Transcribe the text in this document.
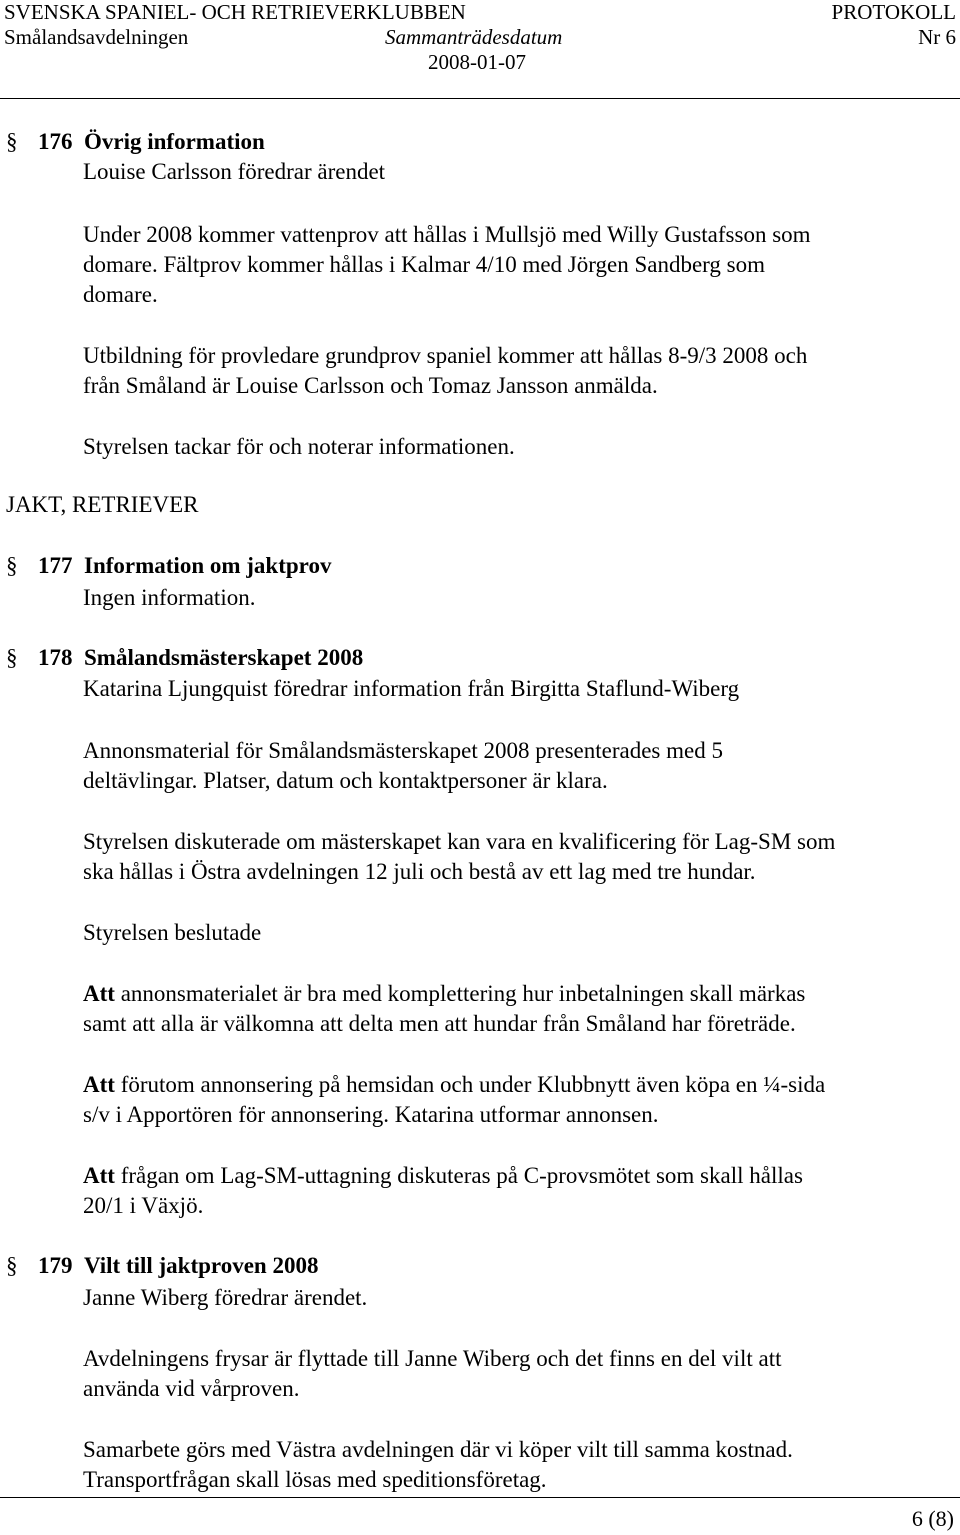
SVENSKA SPANIEL- OCH RETRIEVERKLUBBEN	PROTOKOLL
Smålandsavdelningen	Sammanträdesdatum	Nr 6
2008-01-07
§ 176 Övrig information
Louise Carlsson föredrar ärendet
Under 2008 kommer vattenprov att hållas i Mullsjö med Willy Gustafsson som
domare. Fältprov kommer hållas i Kalmar 4/10 med Jörgen Sandberg som
domare.
Utbildning för provledare grundprov spaniel kommer att hållas 8-9/3 2008 och
från Småland är Louise Carlsson och Tomaz Jansson anmälda.
Styrelsen tackar för och noterar informationen.
JAKT, RETRIEVER
§ 177 Information om jaktprov
Ingen information.
§ 178 Smålandsmästerskapet 2008
Katarina Ljungquist föredrar information från Birgitta Staflund-Wiberg
Annonsmaterial för Smålandsmästerskapet 2008 presenterades med 5
deltävlingar. Platser, datum och kontaktpersoner är klara.
Styrelsen diskuterade om mästerskapet kan vara en kvalificering för Lag-SM som
ska hållas i Östra avdelningen 12 juli och bestå av ett lag med tre hundar.
Styrelsen beslutade
Att annonsmaterialet är bra med komplettering hur inbetalningen skall märkas
samt att alla är välkomna att delta men att hundar från Småland har företräde.
Att förutom annonsering på hemsidan och under Klubbnytt även köpa en ¼-sida
s/v i Apportören för annonsering. Katarina utformar annonsen.
Att frågan om Lag-SM-uttagning diskuteras på C-provsmötet som skall hållas
20/1 i Växjö.
§ 179 Vilt till jaktproven 2008
Janne Wiberg föredrar ärendet.
Avdelningens frysar är flyttade till Janne Wiberg och det finns en del vilt att
använda vid vårproven.
Samarbete görs med Västra avdelningen där vi köper vilt till samma kostnad.
Transportfrågan skall lösas med speditionsföretag.
6 (8)
